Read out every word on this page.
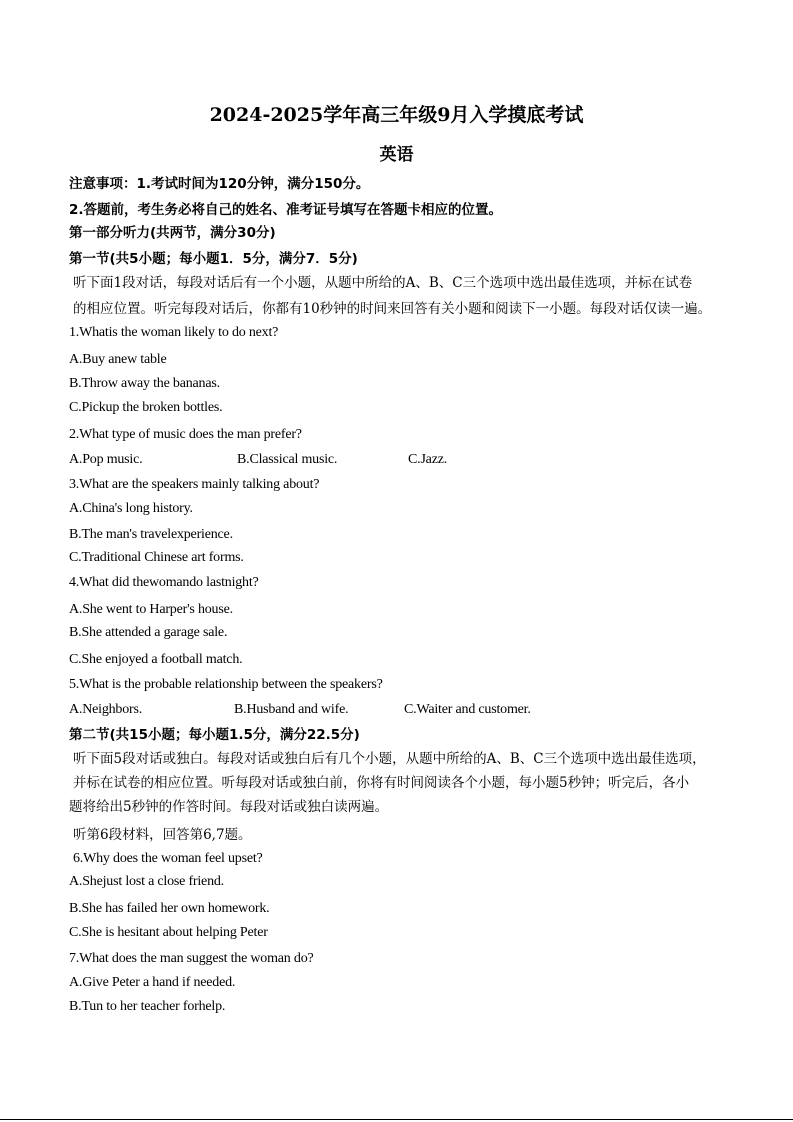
2024-2025学年高三年级9月入学摸底考试
英语
注意事项：1.考试时间为120分钟，满分150分。
2.答题前，考生务必将自己的姓名、准考证号填写在答题卡相应的位置。
第一部分听力(共两节，满分30分)
第一节(共5小题；每小题1．5分，满分7．5分)
听下面1段对话，每段对话后有一个小题，从题中所给的A、B、C三个选项中选出最佳选项，并标在试卷
的相应位置。听完每段对话后，你都有10秒钟的时间来回答有关小题和阅读下一小题。每段对话仅读一遍。
1.Whatis the woman likely to do next?
A.Buy anew table
B.Throw away the bananas.
C.Pickup the broken bottles.
2.What type of music does the man prefer?
A.Pop music.	B.Classical music.	C.Jazz.
3.What are the speakers mainly talking about?
A.China's long history.
B.The man's travelexperience.
C.Traditional Chinese art forms.
4.What did thewomando lastnight?
A.She went to Harper's house.
B.She attended a garage sale.
C.She enjoyed a football match.
5.What is the probable relationship between the speakers?
A.Neighbors.	B.Husband and wife.	C.Waiter and customer.
第二节(共15小题；每小题1.5分，满分22.5分)
听下面5段对话或独白。每段对话或独白后有几个小题，从题中所给的A、B、C三个选项中选出最佳选项，
并标在试卷的相应位置。听每段对话或独白前，你将有时间阅读各个小题，每小题5秒钟；听完后，各小
题将给出5秒钟的作答时间。每段对话或独白读两遍。
听第6段材料，回答第6,7题。
6.Why does the woman feel upset?
A.Shejust lost a close friend.
B.She has failed her own homework.
C.She is hesitant about helping Peter
7.What does the man suggest the woman do?
A.Give Peter a hand if needed.
B.Tun to her teacher forhelp.
